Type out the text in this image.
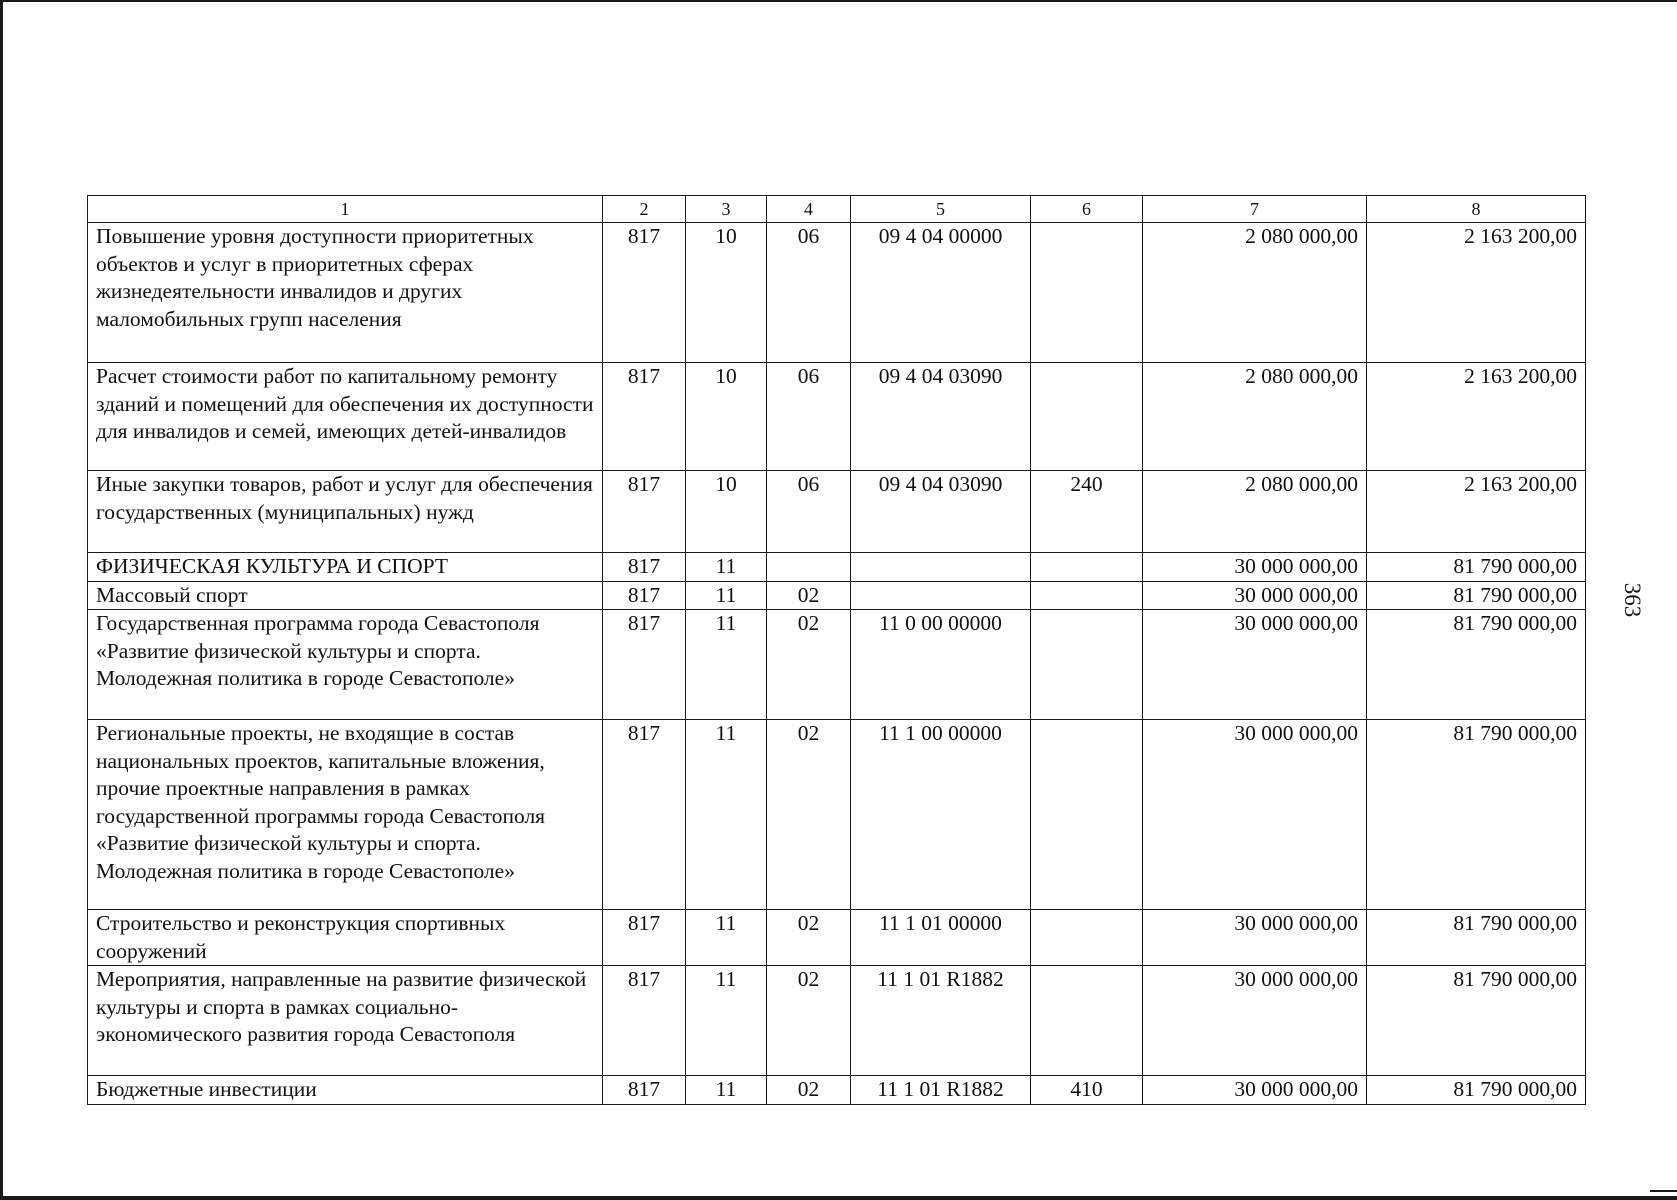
363
1	2	3	4	5	6	7	8
Повышение уровня доступности приоритетных объектов и услуг в приоритетных сферах жизнедеятельности инвалидов и других маломобильных групп населения	817	10	06	09 4 04 00000		2 080 000,00	2 163 200,00
Расчет стоимости работ по капитальному ремонту зданий и помещений для обеспечения их доступности для инвалидов и семей, имеющих детей-инвалидов	817	10	06	09 4 04 03090		2 080 000,00	2 163 200,00
Иные закупки товаров, работ и услуг для обеспечения государственных (муниципальных) нужд	817	10	06	09 4 04 03090	240	2 080 000,00	2 163 200,00
ФИЗИЧЕСКАЯ КУЛЬТУРА И СПОРТ	817	11				30 000 000,00	81 790 000,00
Массовый спорт	817	11	02			30 000 000,00	81 790 000,00
Государственная программа города Севастополя «Развитие физической культуры и спорта. Молодежная политика в городе Севастополе»	817	11	02	11 0 00 00000		30 000 000,00	81 790 000,00
Региональные проекты, не входящие в состав национальных проектов, капитальные вложения, прочие проектные направления в рамках государственной программы города Севастополя «Развитие физической культуры и спорта. Молодежная политика в городе Севастополе»	817	11	02	11 1 00 00000		30 000 000,00	81 790 000,00
Строительство и реконструкция спортивных сооружений	817	11	02	11 1 01 00000		30 000 000,00	81 790 000,00
Мероприятия, направленные на развитие физической культуры и спорта в рамках социально-экономического развития города Севастополя	817	11	02	11 1 01 R1882		30 000 000,00	81 790 000,00
Бюджетные инвестиции	817	11	02	11 1 01 R1882	410	30 000 000,00	81 790 000,00
